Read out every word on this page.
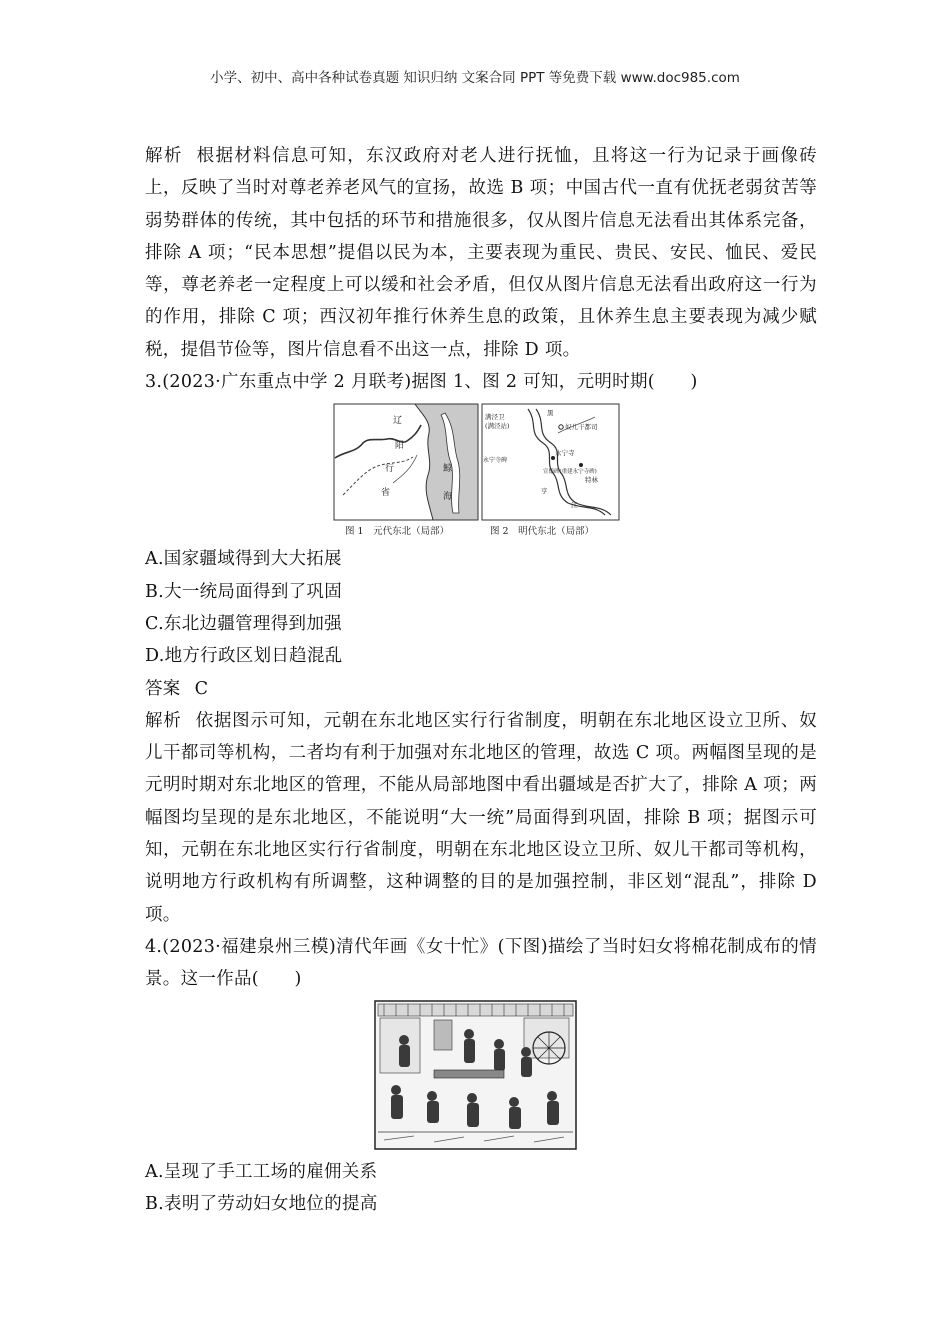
小学、初中、高中各种试卷真题 知识归纳 文案合同 PPT 等免费下载 www.doc985.com

解析 根据材料信息可知，东汉政府对老人进行抚恤，且将这一行为记录于画像砖上，反映了当时对尊老养老风气的宣扬，故选 B 项；中国古代一直有优抚老弱贫苦等弱势群体的传统，其中包括的环节和措施很多，仅从图片信息无法看出其体系完备，排除 A 项；“民本思想”提倡以民为本，主要表现为重民、贵民、安民、恤民、爱民等，尊老养老一定程度上可以缓和社会矛盾，但仅从图片信息无法看出政府这一行为的作用，排除 C 项；西汉初年推行休养生息的政策，且休养生息主要表现为减少赋税，提倡节俭等，图片信息看不出这一点，排除 D 项。

3.(2023·广东重点中学 2 月联考)据图 1、图 2 可知，元明时期(　　)

辽
阳
行
省
鲸
海
满泾卫
(满泾站)
黑
奴儿干都司
永宁寺碑
永宁寺
宣德碑(重建永宁寺碑)
特林
亨
江
图 1　元代东北（局部）	图 2　明代东北（局部）

A.国家疆域得到大大拓展

B.大一统局面得到了巩固

C.东北边疆管理得到加强

D.地方行政区划日趋混乱

答案 C

解析 依据图示可知，元朝在东北地区实行行省制度，明朝在东北地区设立卫所、奴儿干都司等机构，二者均有利于加强对东北地区的管理，故选 C 项。两幅图呈现的是元明时期对东北地区的管理，不能从局部地图中看出疆域是否扩大了，排除 A 项；两幅图均呈现的是东北地区，不能说明“大一统”局面得到巩固，排除 B 项；据图示可知，元朝在东北地区实行行省制度，明朝在东北地区设立卫所、奴儿干都司等机构，说明地方行政机构有所调整，这种调整的目的是加强控制，非区划“混乱”，排除 D 项。

4.(2023·福建泉州三模)清代年画《女十忙》(下图)描绘了当时妇女将棉花制成布的情景。这一作品(　　)

A.呈现了手工工场的雇佣关系

B.表明了劳动妇女地位的提高
